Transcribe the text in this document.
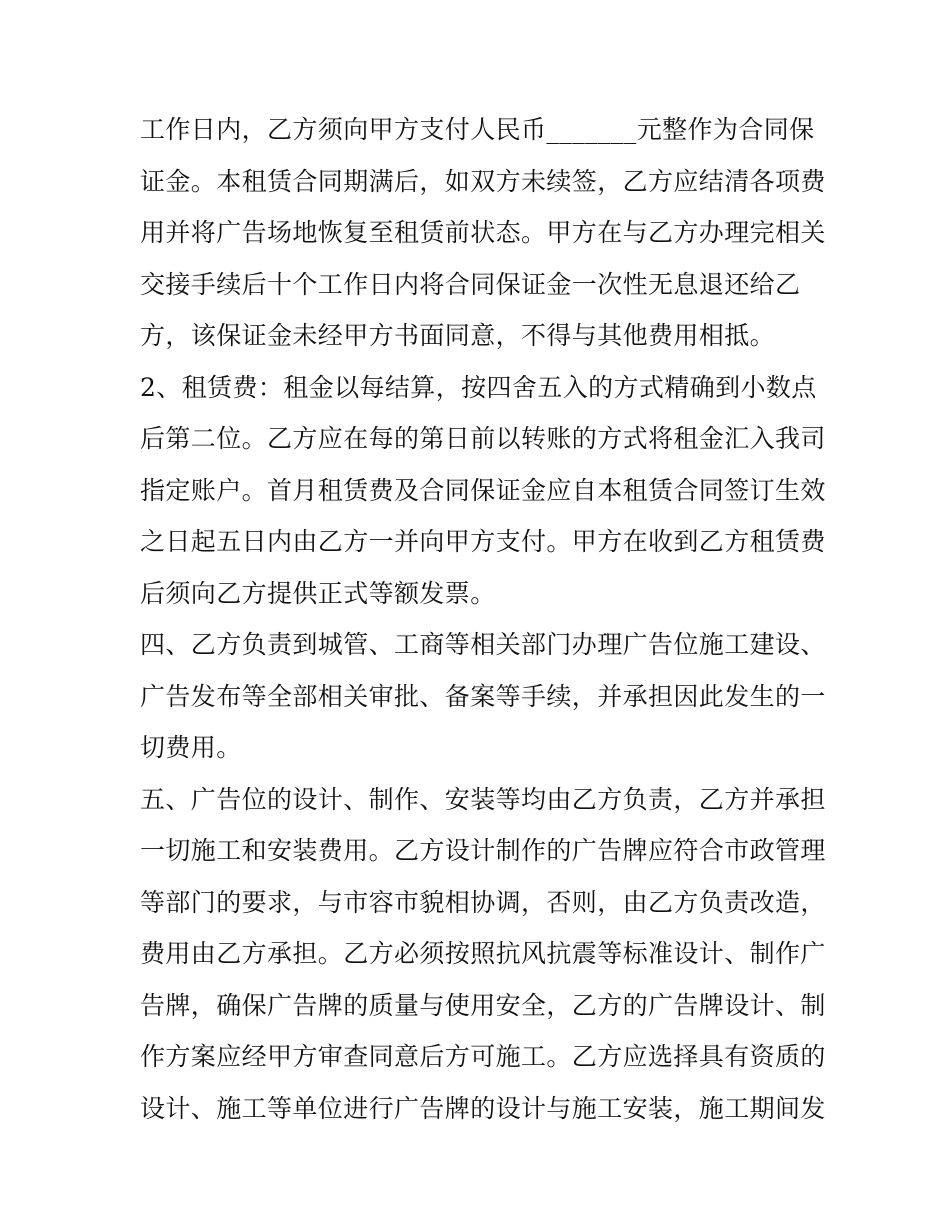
工作日内，乙方须向甲方支付人民币_______元整作为合同保
证金。本租赁合同期满后，如双方未续签，乙方应结清各项费
用并将广告场地恢复至租赁前状态。甲方在与乙方办理完相关
交接手续后十个工作日内将合同保证金一次性无息退还给乙
方，该保证金未经甲方书面同意，不得与其他费用相抵。
2、租赁费：租金以每结算，按四舍五入的方式精确到小数点
后第二位。乙方应在每的第日前以转账的方式将租金汇入我司
指定账户。首月租赁费及合同保证金应自本租赁合同签订生效
之日起五日内由乙方一并向甲方支付。甲方在收到乙方租赁费
后须向乙方提供正式等额发票。
四、乙方负责到城管、工商等相关部门办理广告位施工建设、
广告发布等全部相关审批、备案等手续，并承担因此发生的一
切费用。
五、广告位的设计、制作、安装等均由乙方负责，乙方并承担
一切施工和安装费用。乙方设计制作的广告牌应符合市政管理
等部门的要求，与市容市貌相协调，否则，由乙方负责改造，
费用由乙方承担。乙方必须按照抗风抗震等标准设计、制作广
告牌，确保广告牌的质量与使用安全，乙方的广告牌设计、制
作方案应经甲方审查同意后方可施工。乙方应选择具有资质的
设计、施工等单位进行广告牌的设计与施工安装，施工期间发
